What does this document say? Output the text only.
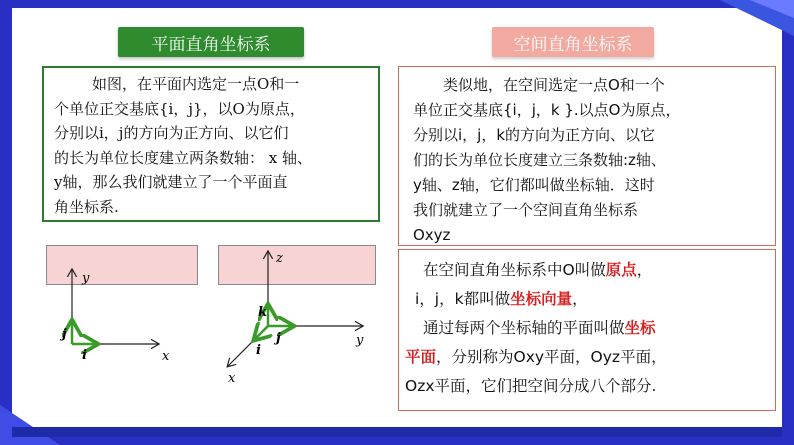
平面直角坐标系	空间直角坐标系
如图，在平面内选定一点O和一
个单位正交基底{i，j}，以O为原点，
分别以i，j的方向为正方向、以它们
的长为单位长度建立两条数轴： x 轴、
y轴，那么我们就建立了一个平面直
角坐标系.
类似地，在空间选定一点O和一个
单位正交基底{i，j，k }.以点O为原点，
分别以i，j，k的方向为正方向、以它
们的长为单位长度建立三条数轴:z轴、
y轴、z轴，它们都叫做坐标轴．这时
我们就建立了一个空间直角坐标系
Oxyz
在空间直角坐标系中O叫做原点，
i，j，k都叫做坐标向量，
通过每两个坐标轴的平面叫做坐标
平面，分别称为Oxy平面，Oyz平面，
Ozx平面，它们把空间分成八个部分.
y
x
j
i
z
y
x
k
j
i
